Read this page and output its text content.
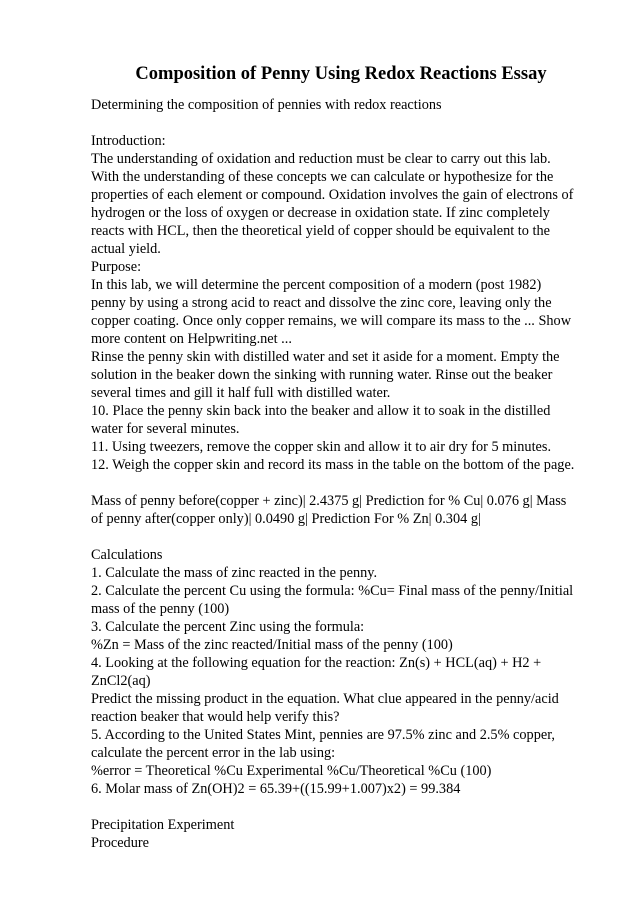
Composition of Penny Using Redox Reactions Essay
Determining the composition of pennies with redox reactions
Introduction:
The understanding of oxidation and reduction must be clear to carry out this lab.
With the understanding of these concepts we can calculate or hypothesize for the
properties of each element or compound. Oxidation involves the gain of electrons of
hydrogen or the loss of oxygen or decrease in oxidation state. If zinc completely
reacts with HCL, then the theoretical yield of copper should be equivalent to the
actual yield.
Purpose:
In this lab, we will determine the percent composition of a modern (post 1982)
penny by using a strong acid to react and dissolve the zinc core, leaving only the
copper coating. Once only copper remains, we will compare its mass to the ... Show
more content on Helpwriting.net ...
Rinse the penny skin with distilled water and set it aside for a moment. Empty the
solution in the beaker down the sinking with running water. Rinse out the beaker
several times and gill it half full with distilled water.
10. Place the penny skin back into the beaker and allow it to soak in the distilled
water for several minutes.
11. Using tweezers, remove the copper skin and allow it to air dry for 5 minutes.
12. Weigh the copper skin and record its mass in the table on the bottom of the page.
Mass of penny before(copper + zinc)| 2.4375 g| Prediction for % Cu| 0.076 g| Mass
of penny after(copper only)| 0.0490 g| Prediction For % Zn| 0.304 g|
Calculations
1. Calculate the mass of zinc reacted in the penny.
2. Calculate the percent Cu using the formula: %Cu= Final mass of the penny/Initial
mass of the penny (100)
3. Calculate the percent Zinc using the formula:
%Zn = Mass of the zinc reacted/Initial mass of the penny (100)
4. Looking at the following equation for the reaction: Zn(s) + HCL(aq) + H2 +
ZnCl2(aq)
Predict the missing product in the equation. What clue appeared in the penny/acid
reaction beaker that would help verify this?
5. According to the United States Mint, pennies are 97.5% zinc and 2.5% copper,
calculate the percent error in the lab using:
%error = Theoretical %Cu Experimental %Cu/Theoretical %Cu (100)
6. Molar mass of Zn(OH)2 = 65.39+((15.99+1.007)x2) = 99.384
Precipitation Experiment
Procedure
